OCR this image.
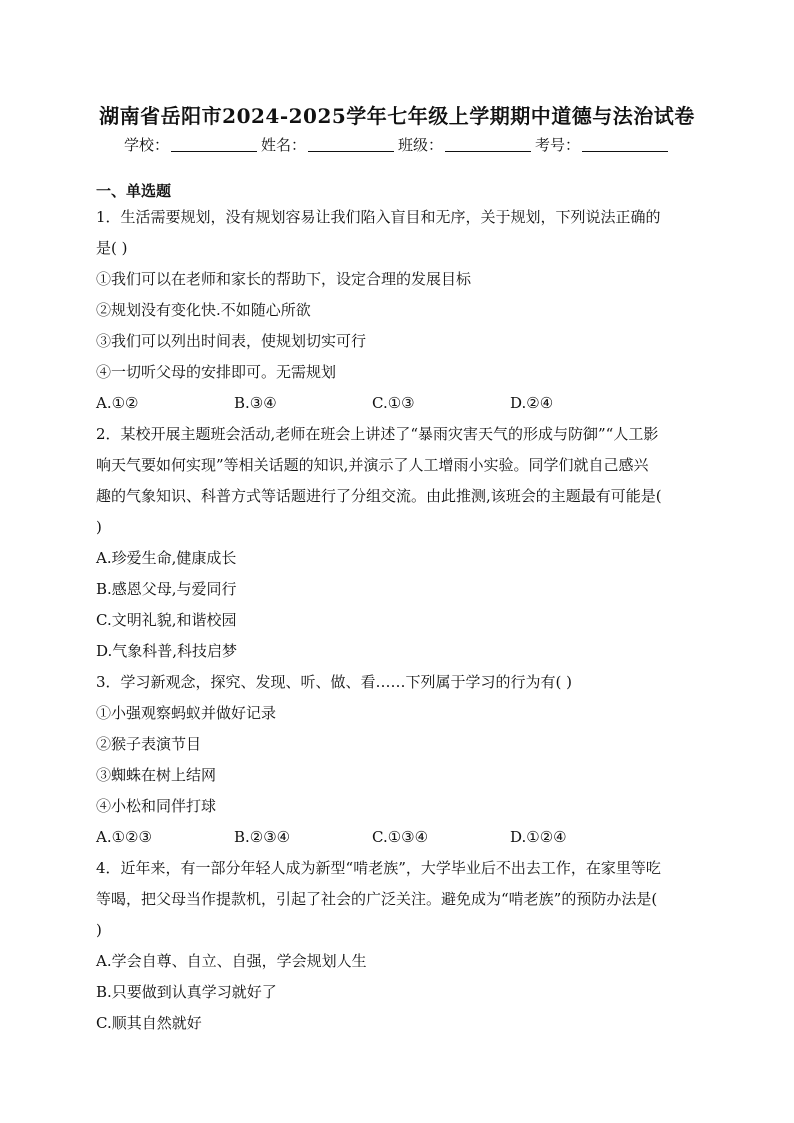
湖南省岳阳市2024-2025学年七年级上学期期中道德与法治试卷
学校：	姓名：	班级：	考号：
一、单选题
1．生活需要规划，没有规划容易让我们陷入盲目和无序，关于规划，下列说法正确的
是( )
①我们可以在老师和家长的帮助下，设定合理的发展目标
②规划没有变化快.不如随心所欲
③我们可以列出时间表，使规划切实可行
④一切听父母的安排即可。无需规划
A.①②	B.③④	C.①③	D.②④
2．某校开展主题班会活动,老师在班会上讲述了“暴雨灾害天气的形成与防御”“人工影
响天气要如何实现”等相关话题的知识,并演示了人工增雨小实验。同学们就自己感兴
趣的气象知识、科普方式等话题进行了分组交流。由此推测,该班会的主题最有可能是(
)
A.珍爱生命,健康成长
B.感恩父母,与爱同行
C.文明礼貌,和谐校园
D.气象科普,科技启梦
3．学习新观念，探究、发现、听、做、看……下列属于学习的行为有( )
①小强观察蚂蚁并做好记录
②猴子表演节目
③蜘蛛在树上结网
④小松和同伴打球
A.①②③	B.②③④	C.①③④	D.①②④
4．近年来，有一部分年轻人成为新型“啃老族”，大学毕业后不出去工作，在家里等吃
等喝，把父母当作提款机，引起了社会的广泛关注。避免成为“啃老族”的预防办法是(
)
A.学会自尊、自立、自强，学会规划人生
B.只要做到认真学习就好了
C.顺其自然就好
